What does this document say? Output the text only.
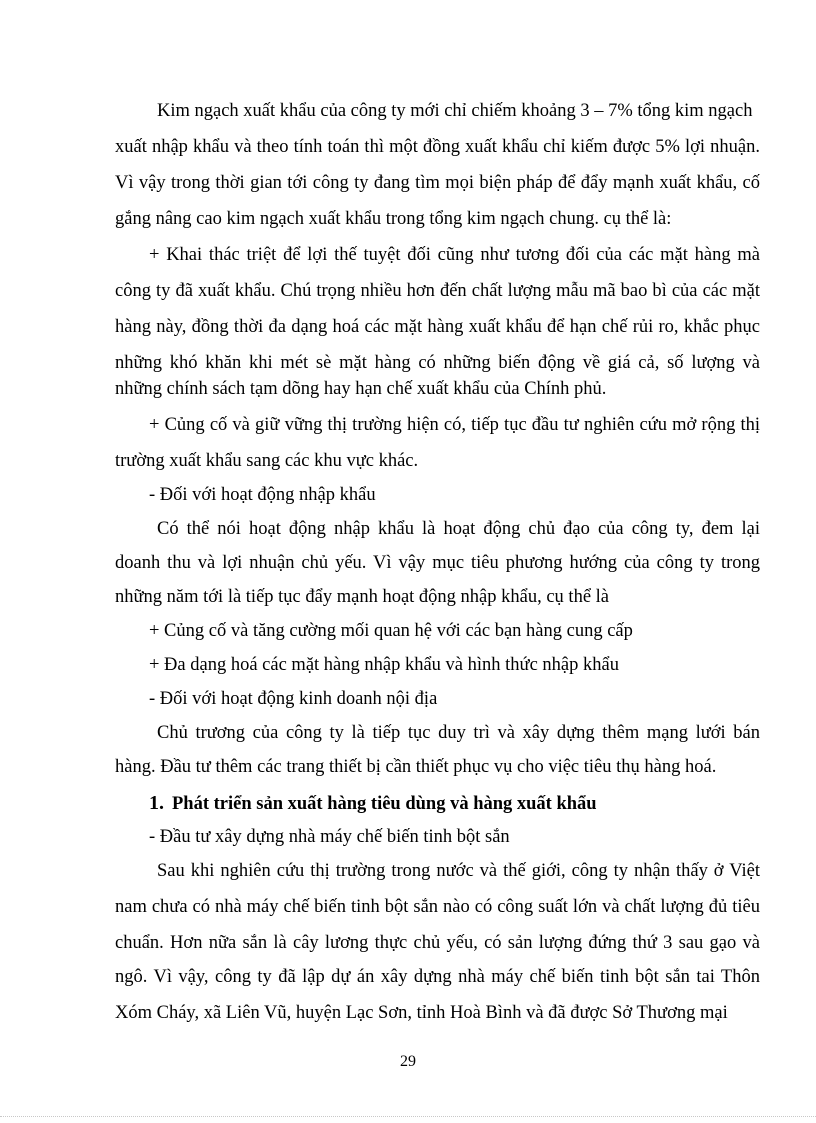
Kim ngạch xuất khẩu của công ty mới chỉ chiếm khoảng 3 – 7% tổng kim ngạch
xuất nhập khẩu và theo tính toán thì một đồng xuất khẩu chỉ kiếm được 5% lợi nhuận.
Vì vậy trong thời gian tới công ty đang tìm mọi biện pháp để đẩy mạnh xuất khẩu, cố
gắng nâng cao kim ngạch xuất khẩu trong tổng kim ngạch chung. cụ thể là:
+ Khai thác triệt để lợi thế tuyệt đối cũng như tương đối của các mặt hàng mà
công ty đã xuất khẩu. Chú trọng nhiều hơn đến chất lượng mẫu mã bao bì của các mặt
hàng này, đồng thời đa dạng hoá các mặt hàng xuất khẩu để hạn chế rủi ro, khắc phục
những khó khăn khi mét sè mặt hàng có những biến động về giá cả, số lượng và
những chính sách tạm dõng hay hạn chế xuất khẩu của Chính phủ.
+ Củng cố và giữ vững thị trường hiện có, tiếp tục đầu tư nghiên cứu mở rộng thị
trường xuất khẩu sang các khu vực khác.
- Đối với hoạt động nhập khẩu
Có thể nói hoạt động nhập khẩu là hoạt động chủ đạo của công ty, đem lại
doanh thu và lợi nhuận chủ yếu. Vì vậy mục tiêu phương hướng của công ty trong
những năm tới là tiếp tục đẩy mạnh hoạt động nhập khẩu, cụ thể là
+ Củng cố và tăng cường mối quan hệ với các bạn hàng cung cấp
+ Đa dạng hoá các mặt hàng nhập khẩu và hình thức nhập khẩu
- Đối với hoạt động kinh doanh nội địa
Chủ trương của công ty là tiếp tục duy trì và xây dựng thêm mạng lưới bán
hàng. Đầu tư thêm các trang thiết bị cần thiết phục vụ cho việc tiêu thụ hàng hoá.
1. Phát triển sản xuất hàng tiêu dùng và hàng xuất khẩu
- Đầu tư xây dựng nhà máy chế biến tinh bột sắn
Sau khi nghiên cứu thị trường trong nước và thế giới, công ty nhận thấy ở Việt
nam chưa có nhà máy chế biến tinh bột sắn nào có công suất lớn và chất lượng đủ tiêu
chuẩn. Hơn nữa sắn là cây lương thực chủ yếu, có sản lượng đứng thứ 3 sau gạo và
ngô. Vì vậy, công ty đã lập dự án xây dựng nhà máy chế biến tinh bột sắn tai Thôn
Xóm Cháy, xã Liên Vũ, huyện Lạc Sơn, tỉnh Hoà Bình và đã được Sở Thương mại
29
